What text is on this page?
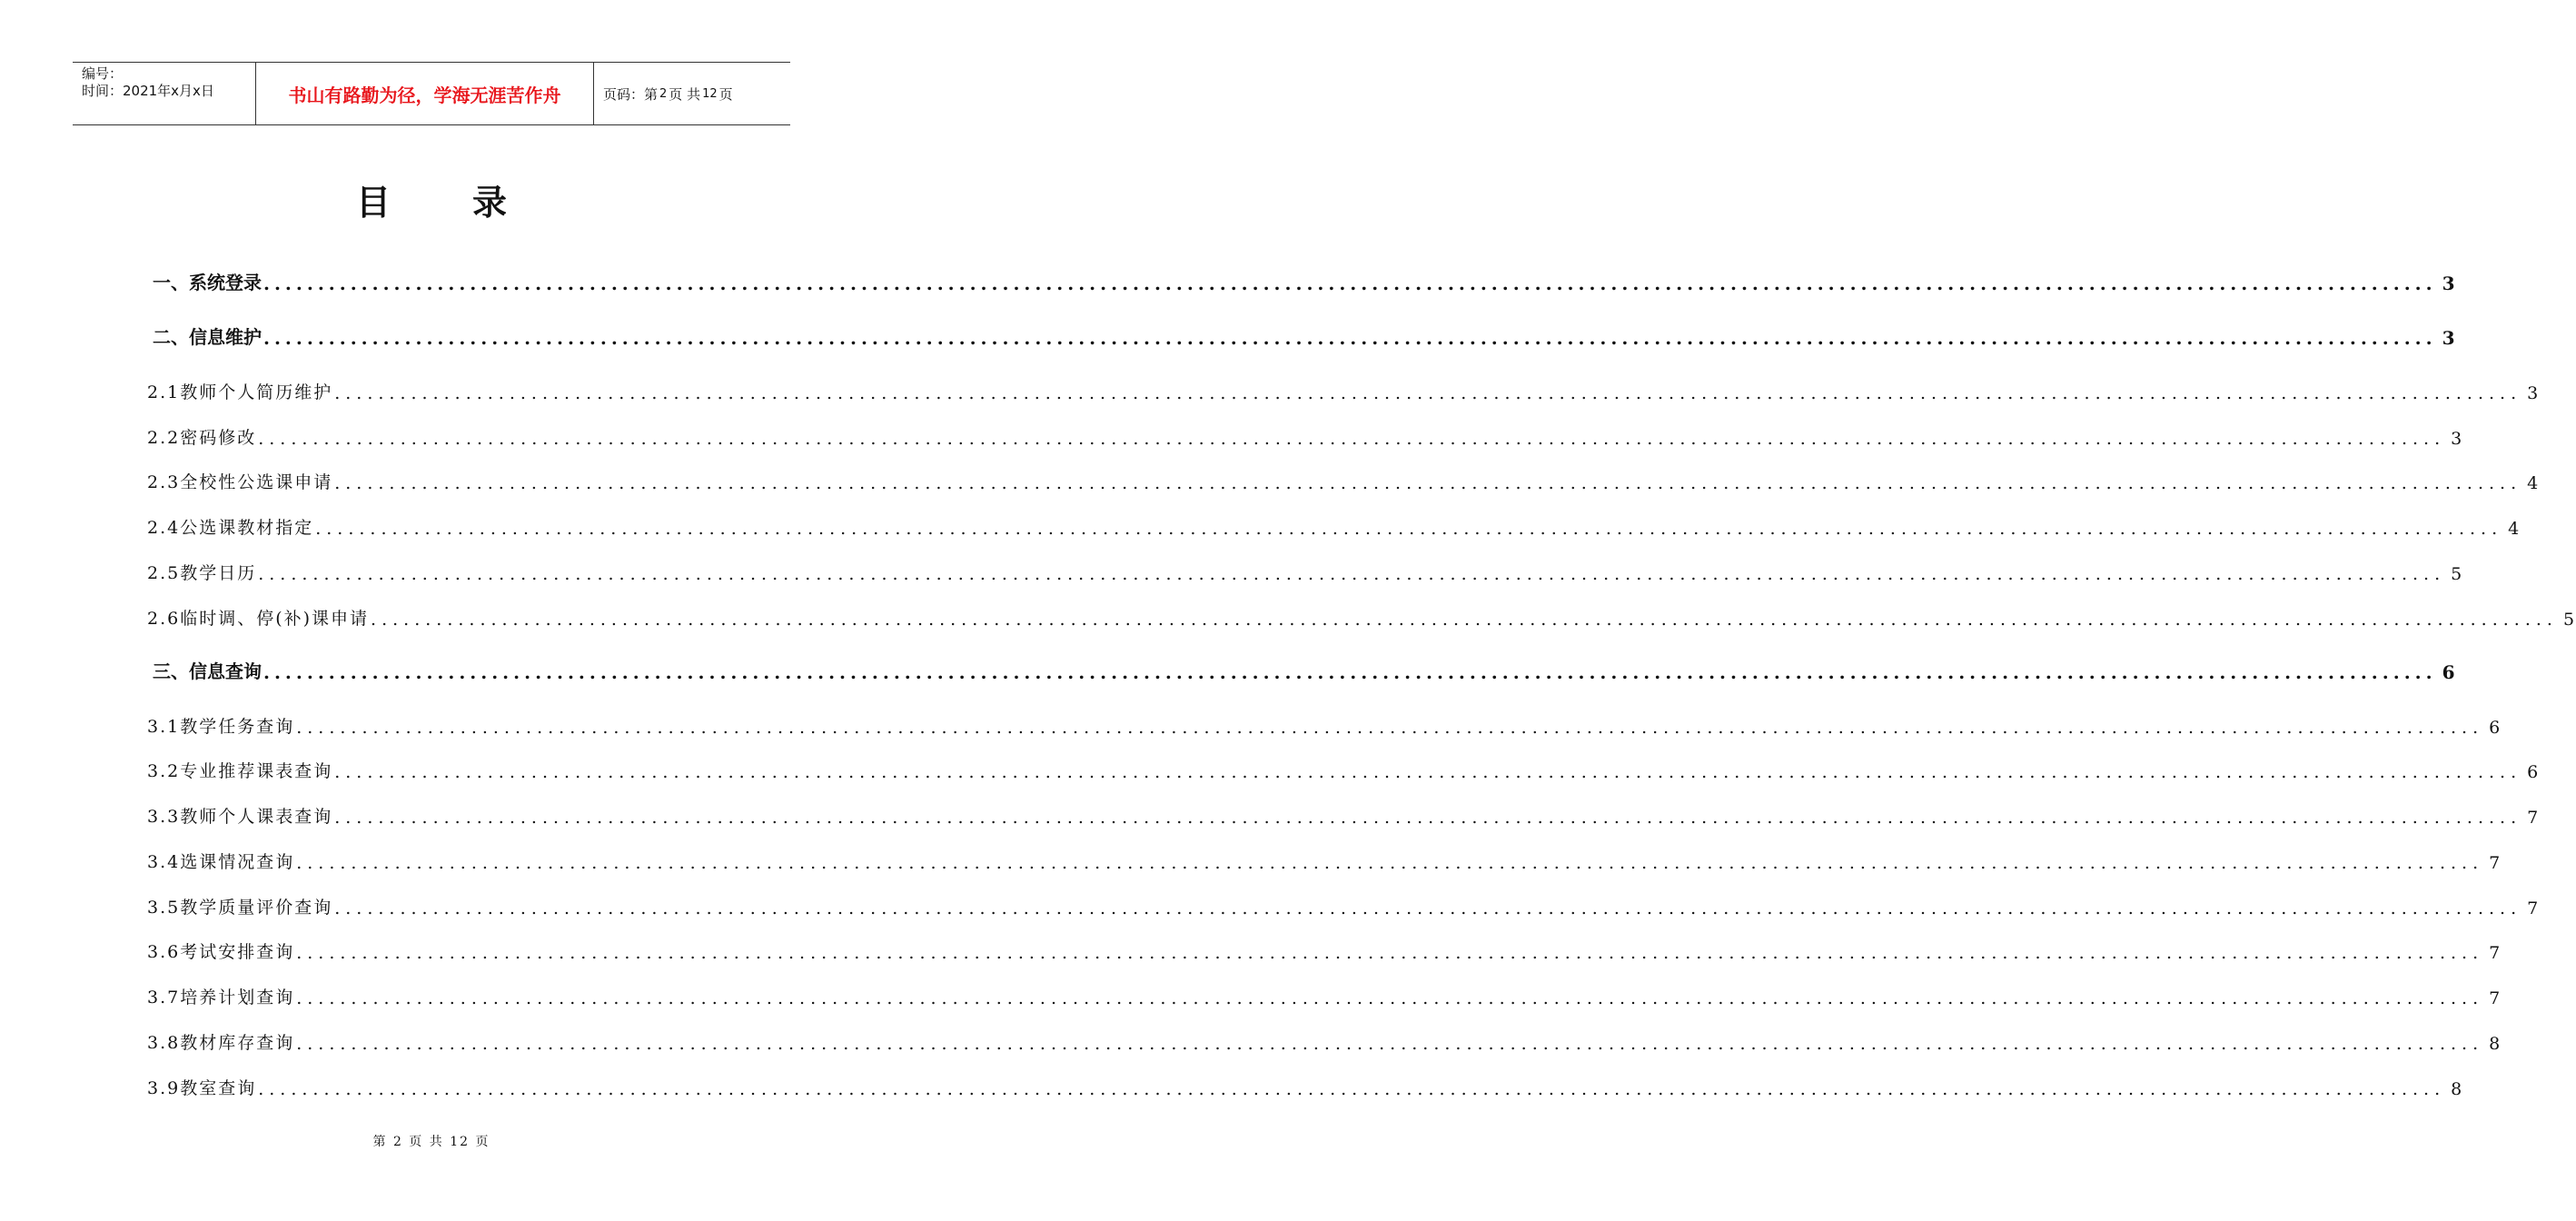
编号：
时间：2021年x月x日	书山有路勤为径，学海无涯苦作舟	页码：第 2 页 共 12 页
目录
一、系统登录 ........................................................................................................................................................................................................ 3
二、信息维护 ........................................................................................................................................................................................................ 3
2.1教师个人简历维护 ........................................................................................................................................................................................................ 3
2.2密码修改 ........................................................................................................................................................................................................ 3
2.3全校性公选课申请 ........................................................................................................................................................................................................ 4
2.4公选课教材指定 ........................................................................................................................................................................................................ 4
2.5教学日历 ........................................................................................................................................................................................................ 5
2.6临时调、停(补)课申请 ........................................................................................................................................................................................................ 5
三、信息查询 ........................................................................................................................................................................................................ 6
3.1教学任务查询 ........................................................................................................................................................................................................ 6
3.2专业推荐课表查询 ........................................................................................................................................................................................................ 6
3.3教师个人课表查询 ........................................................................................................................................................................................................ 7
3.4选课情况查询 ........................................................................................................................................................................................................ 7
3.5教学质量评价查询 ........................................................................................................................................................................................................ 7
3.6考试安排查询 ........................................................................................................................................................................................................ 7
3.7培养计划查询 ........................................................................................................................................................................................................ 7
3.8教材库存查询 ........................................................................................................................................................................................................ 8
3.9教室查询 ........................................................................................................................................................................................................ 8
第 2 页 共 12 页
